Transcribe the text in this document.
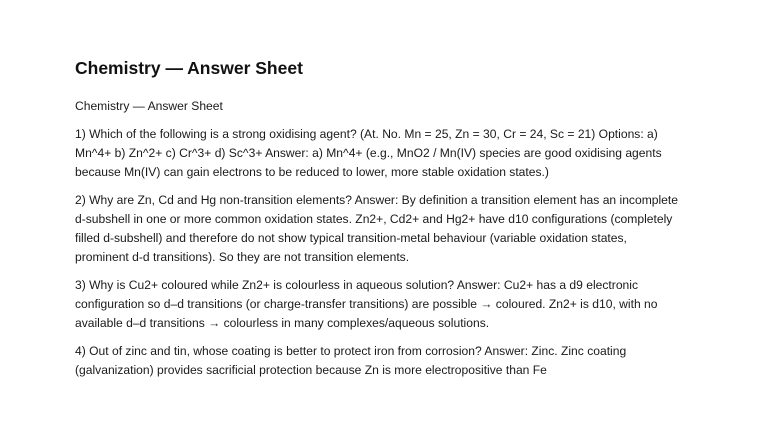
Chemistry — Answer Sheet

Chemistry — Answer Sheet

1) Which of the following is a strong oxidising agent? (At. No. Mn = 25, Zn = 30, Cr = 24, Sc = 21) Options: a) Mn^4+ b) Zn^2+ c) Cr^3+ d) Sc^3+ Answer: a) Mn^4+ (e.g., MnO2 / Mn(IV) species are good oxidising agents because Mn(IV) can gain electrons to be reduced to lower, more stable oxidation states.)

2) Why are Zn, Cd and Hg non-transition elements? Answer: By definition a transition element has an incomplete d-subshell in one or more common oxidation states. Zn2+, Cd2+ and Hg2+ have d10 configurations (completely filled d-subshell) and therefore do not show typical transition-metal behaviour (variable oxidation states, prominent d-d transitions). So they are not transition elements.

3) Why is Cu2+ coloured while Zn2+ is colourless in aqueous solution? Answer: Cu2+ has a d9 electronic configuration so d–d transitions (or charge-transfer transitions) are possible → coloured. Zn2+ is d10, with no available d–d transitions → colourless in many complexes/aqueous solutions.

4) Out of zinc and tin, whose coating is better to protect iron from corrosion? Answer: Zinc. Zinc coating (galvanization) provides sacrificial protection because Zn is more electropositive than Fe
